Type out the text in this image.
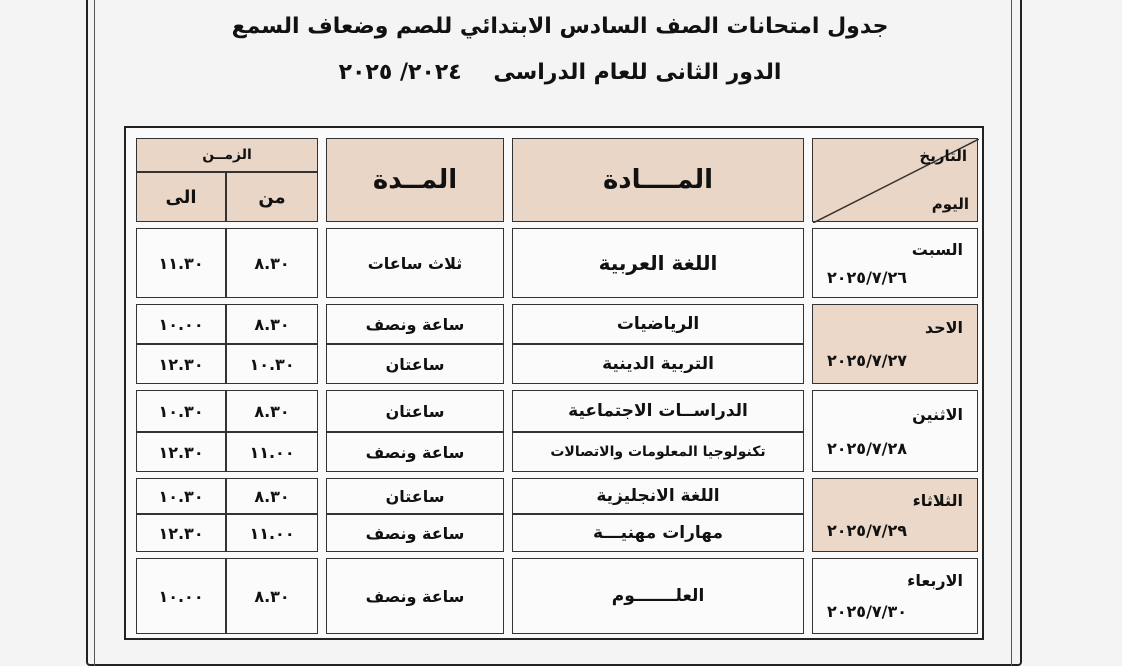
جدول امتحانات الصف السادس الابتدائي للصم وضعاف السمع
الدور الثانى للعام الدراسى ٢٠٢٤/ ٢٠٢٥
التاريخ
اليوم
المــــادة
المــدة
الزمــن
من
الى
السبت
٢٠٢٥/٧/٢٦
الاحد
٢٠٢٥/٧/٢٧
الاثنين
٢٠٢٥/٧/٢٨
الثلاثاء
٢٠٢٥/٧/٢٩
الاربعاء
٢٠٢٥/٧/٣٠
اللغة العربية
ثلاث ساعات
٨.٣٠
١١.٣٠
الرياضيات
ساعة ونصف
٨.٣٠
١٠.٠٠
التربية الدينية
ساعتان
١٠.٣٠
١٢.٣٠
الدراســات الاجتماعية
ساعتان
٨.٣٠
١٠.٣٠
تكنولوجيا المعلومات والاتصالات
ساعة ونصف
١١.٠٠
١٢.٣٠
اللغة الانجليزية
ساعتان
٨.٣٠
١٠.٣٠
مهارات مهنيـــة
ساعة ونصف
١١.٠٠
١٢.٣٠
العلـــــــوم
ساعة ونصف
٨.٣٠
١٠.٠٠
